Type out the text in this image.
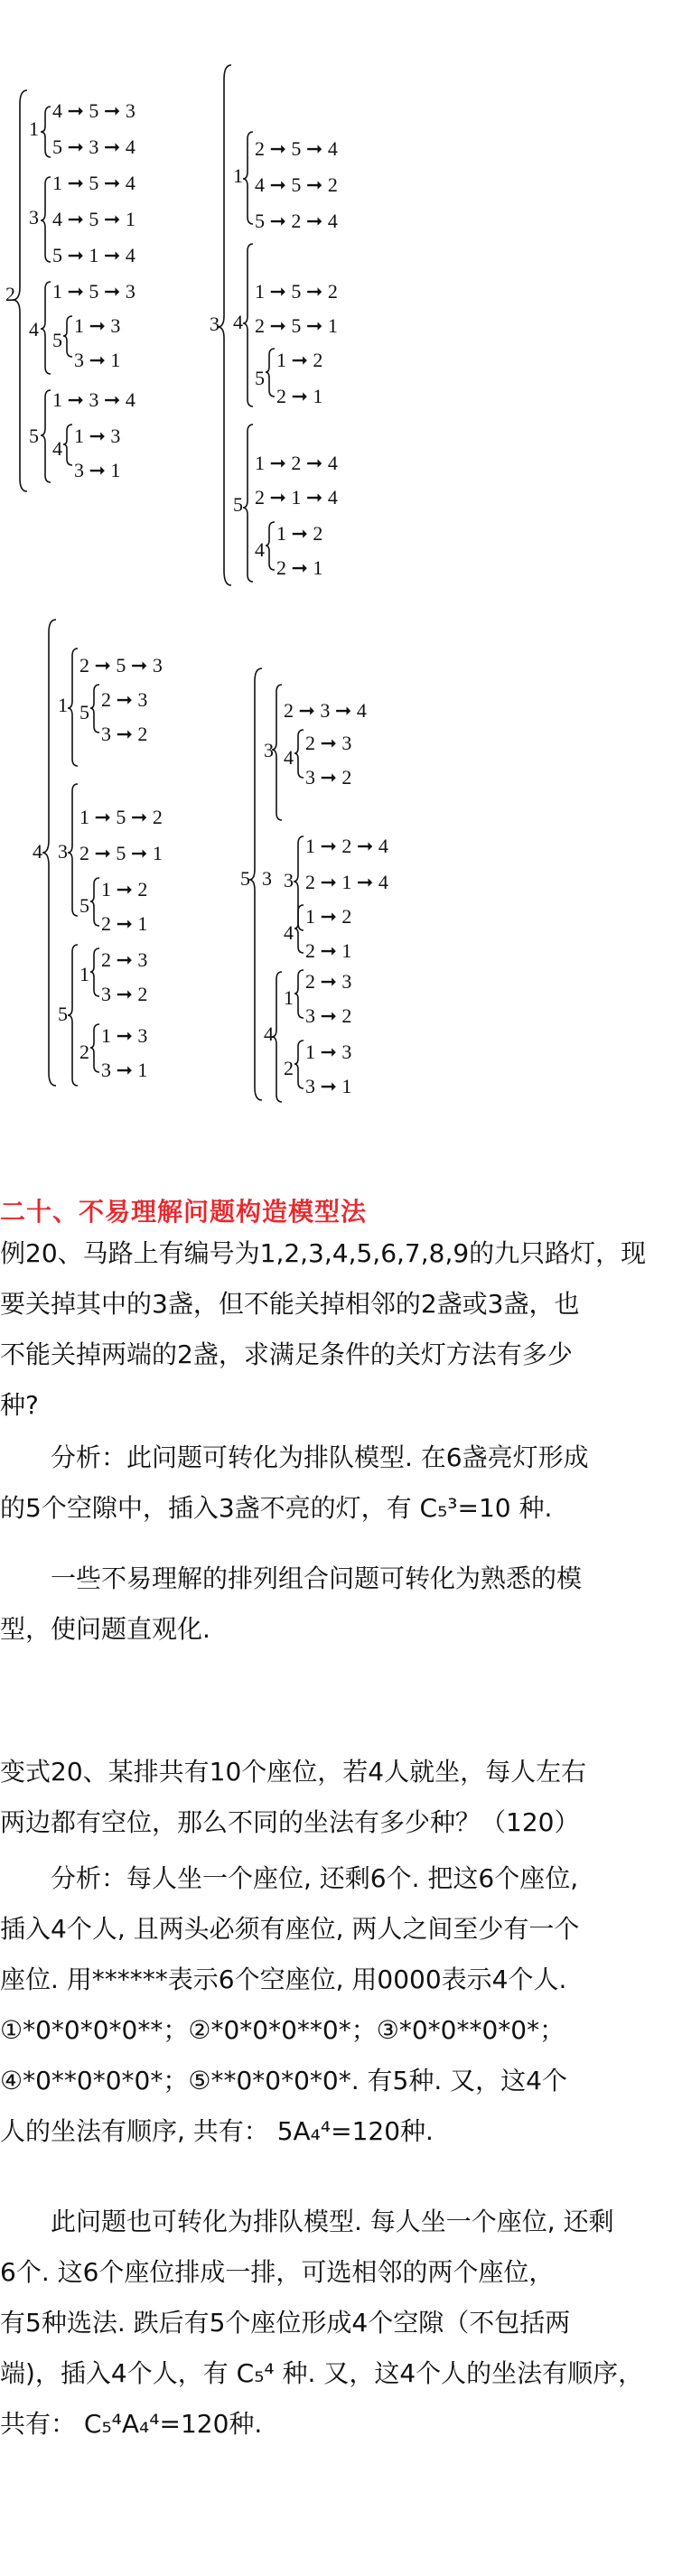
2
1
4 ➞ 5 ➞ 3
5 ➞ 3 ➞ 4
3
1 ➞ 5 ➞ 4
4 ➞ 5 ➞ 1
5 ➞ 1 ➞ 4
4
1 ➞ 5 ➞ 3
5
1 ➞ 3
3 ➞ 1
5
1 ➞ 3 ➞ 4
4
1 ➞ 3
3 ➞ 1
3
1
2 ➞ 5 ➞ 4
4 ➞ 5 ➞ 2
5 ➞ 2 ➞ 4
4
1 ➞ 5 ➞ 2
2 ➞ 5 ➞ 1
5
1 ➞ 2
2 ➞ 1
5
1 ➞ 2 ➞ 4
2 ➞ 1 ➞ 4
4
1 ➞ 2
2 ➞ 1
4
1
2 ➞ 5 ➞ 3
5
2 ➞ 3
3 ➞ 2
3
1 ➞ 5 ➞ 2
2 ➞ 5 ➞ 1
5
1 ➞ 2
2 ➞ 1
5
1
2 ➞ 3
3 ➞ 2
2
1 ➞ 3
3 ➞ 1
5 3
3
2 ➞ 3 ➞ 4
4
2 ➞ 3
3 ➞ 2
3
1 ➞ 2 ➞ 4
2 ➞ 1 ➞ 4
4
1 ➞ 2
2 ➞ 1
4
1
2 ➞ 3
3 ➞ 2
2
1 ➞ 3
3 ➞ 1
二十、不易理解问题构造模型法
例20、马路上有编号为1,2,3,4,5,6,7,8,9的九只路灯，现
要关掉其中的3盏，但不能关掉相邻的2盏或3盏，也
不能关掉两端的2盏，求满足条件的关灯方法有多少
种?
分析：此问题可转化为排队模型. 在6盏亮灯形成
的5个空隙中，插入3盏不亮的灯，有 C₅³=10 种.
一些不易理解的排列组合问题可转化为熟悉的模
型，使问题直观化.
变式20、某排共有10个座位，若4人就坐，每人左右
两边都有空位，那么不同的坐法有多少种？（120）
分析：每人坐一个座位, 还剩6个. 把这6个座位,
插入4个人, 且两头必须有座位, 两人之间至少有一个
座位. 用******表示6个空座位, 用0000表示4个人.
①*0*0*0*0**；②*0*0*0**0*；③*0*0**0*0*；
④*0**0*0*0*；⑤**0*0*0*0*. 有5种. 又，这4个
人的坐法有顺序, 共有： 5A₄⁴=120种.
此问题也可转化为排队模型. 每人坐一个座位, 还剩
6个. 这6个座位排成一排，可选相邻的两个座位，
有5种选法. 跌后有5个座位形成4个空隙（不包括两
端)，插入4个人，有 C₅⁴ 种. 又，这4个人的坐法有顺序，
共有： C₅⁴A₄⁴=120种.
